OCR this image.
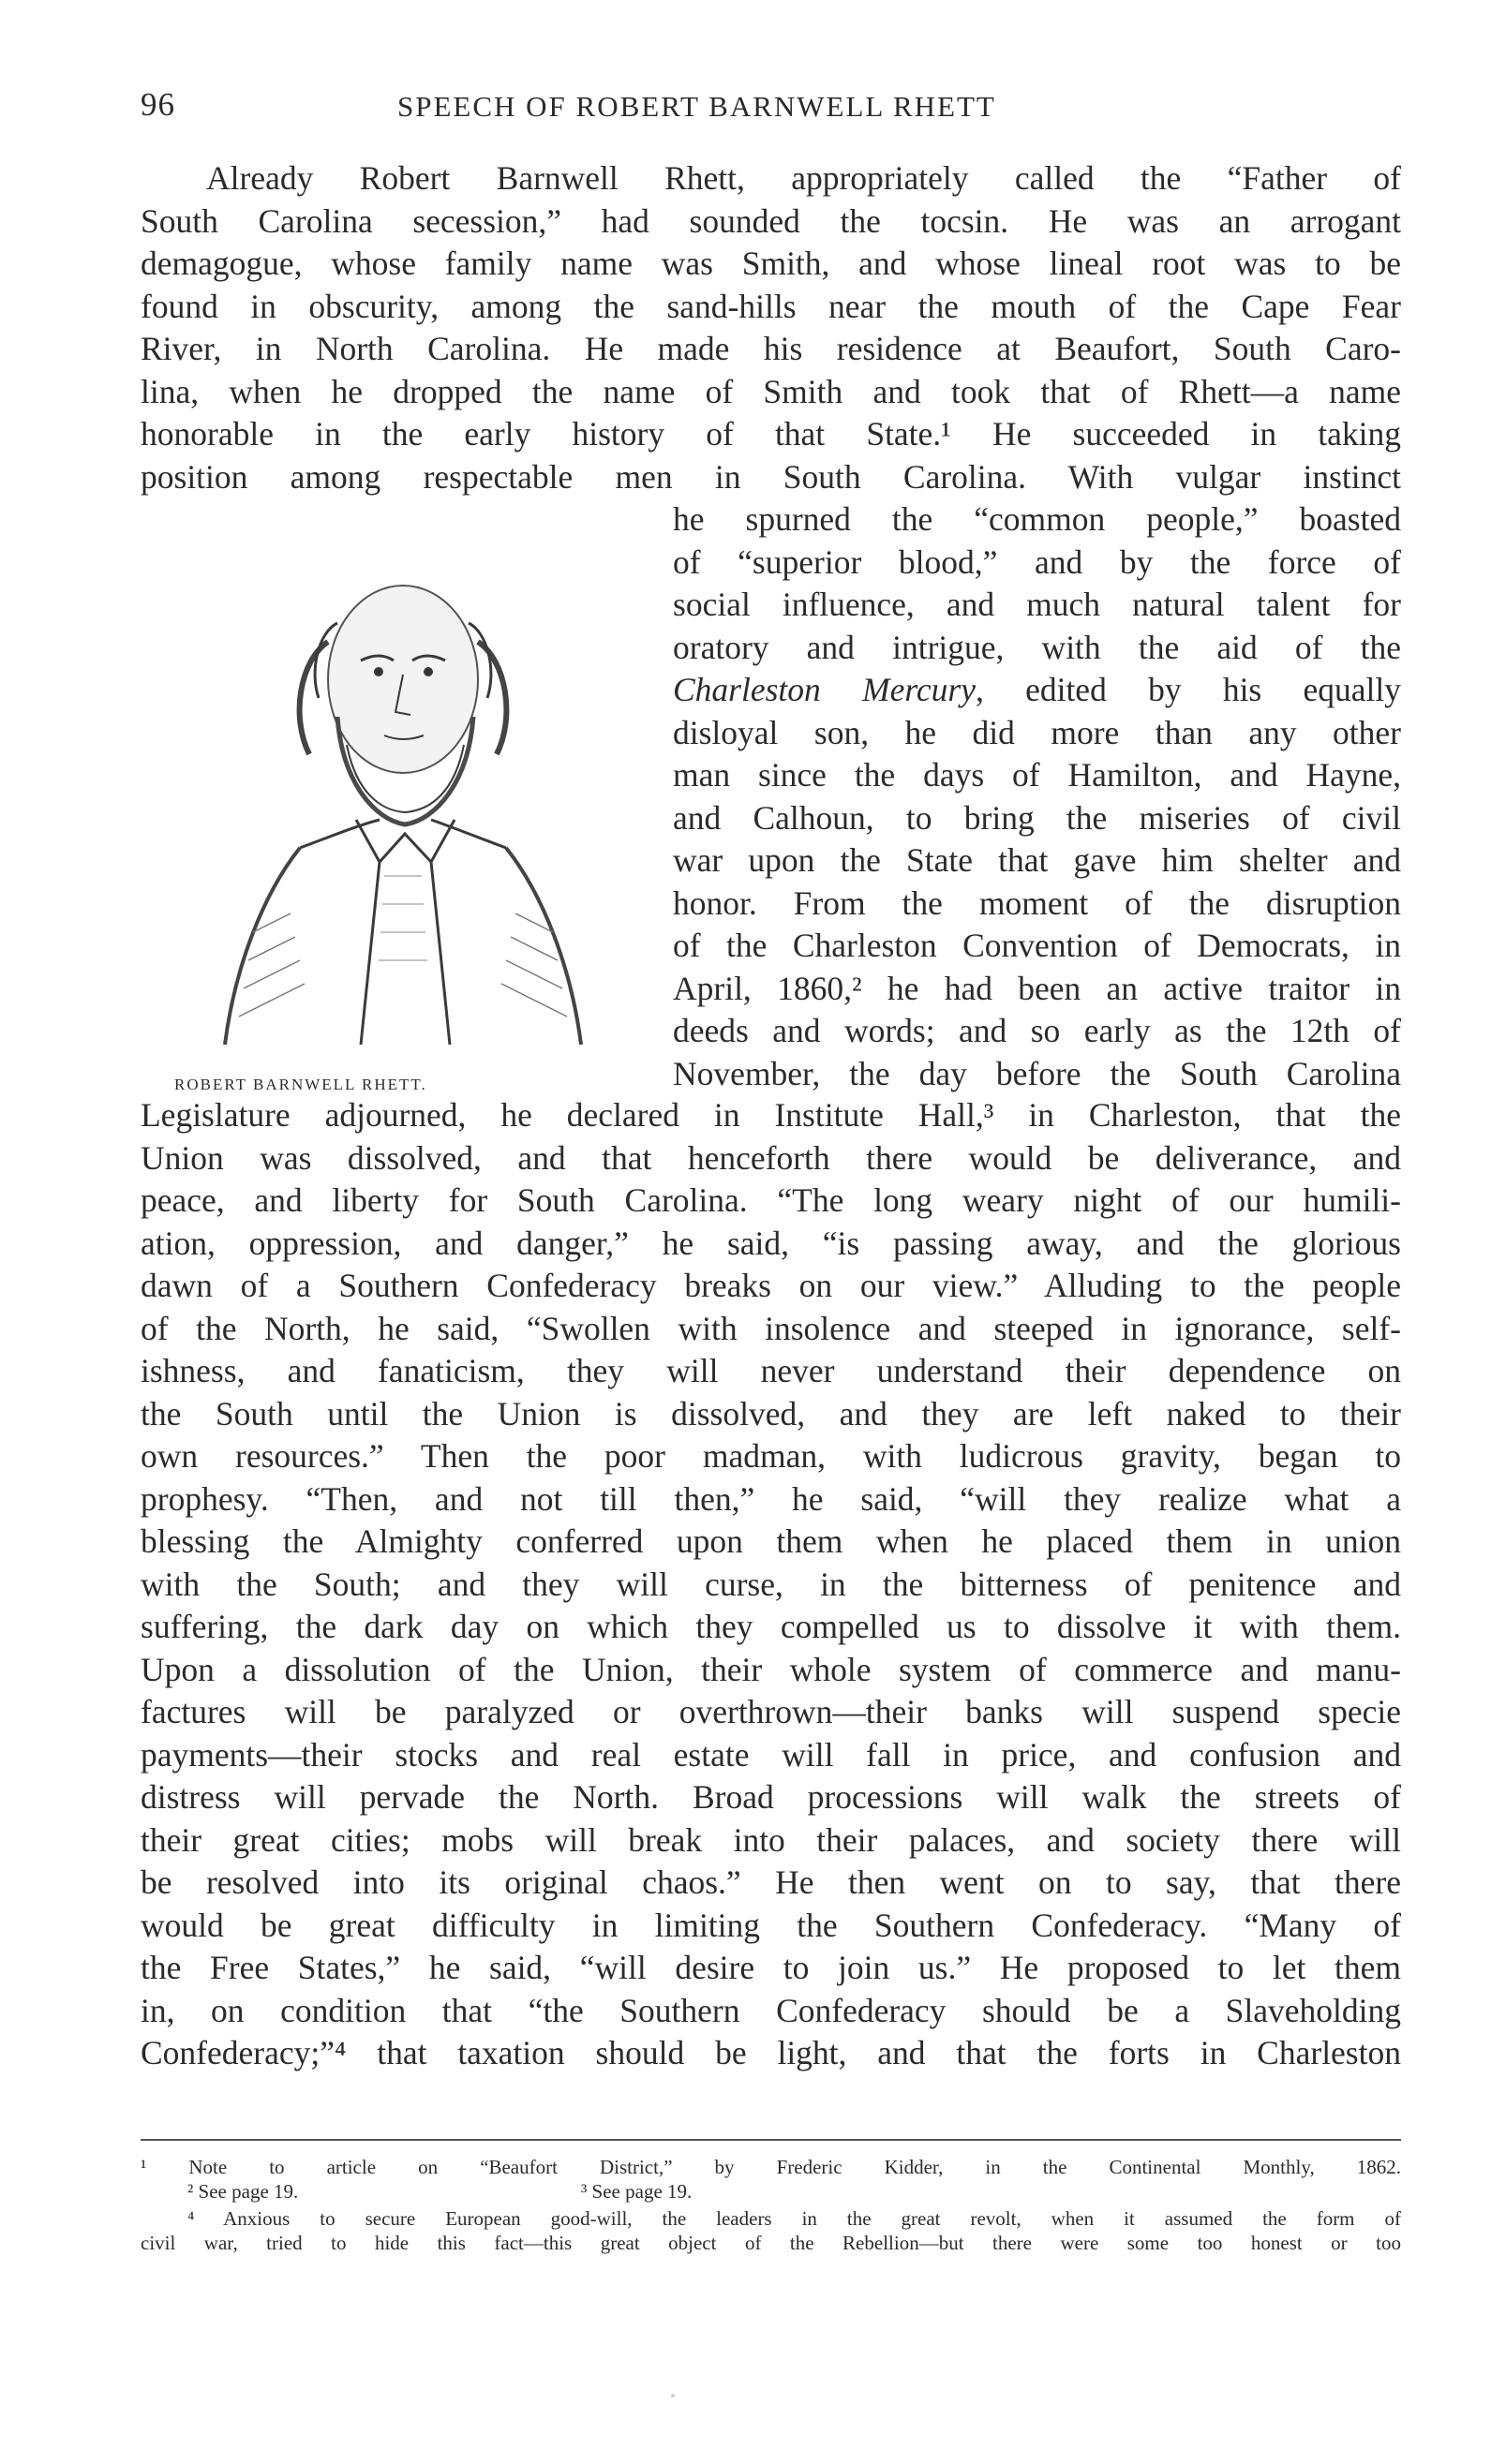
96	SPEECH OF ROBERT BARNWELL RHETT
Already Robert Barnwell Rhett, appropriately called the “Father of
South Carolina secession,” had sounded the tocsin. He was an arrogant
demagogue, whose family name was Smith, and whose lineal root was to be
found in obscurity, among the sand-hills near the mouth of the Cape Fear
River, in North Carolina. He made his residence at Beaufort, South Caro-
lina, when he dropped the name of Smith and took that of Rhett—a name
honorable in the early history of that State.¹ He succeeded in taking
position among respectable men in South Carolina. With vulgar instinct
ROBERT BARNWELL RHETT.
he spurned the “common people,” boasted
of “superior blood,” and by the force of
social influence, and much natural talent for
oratory and intrigue, with the aid of the
Charleston Mercury, edited by his equally
disloyal son, he did more than any other
man since the days of Hamilton, and Hayne,
and Calhoun, to bring the miseries of civil
war upon the State that gave him shelter and
honor. From the moment of the disruption
of the Charleston Convention of Democrats, in
April, 1860,² he had been an active traitor in
deeds and words; and so early as the 12th of
November, the day before the South Carolina
Legislature adjourned, he declared in Institute Hall,³ in Charleston, that the
Union was dissolved, and that henceforth there would be deliverance, and
peace, and liberty for South Carolina. “The long weary night of our humili-
ation, oppression, and danger,” he said, “is passing away, and the glorious
dawn of a Southern Confederacy breaks on our view.” Alluding to the people
of the North, he said, “Swollen with insolence and steeped in ignorance, self-
ishness, and fanaticism, they will never understand their dependence on
the South until the Union is dissolved, and they are left naked to their
own resources.” Then the poor madman, with ludicrous gravity, began to
prophesy. “Then, and not till then,” he said, “will they realize what a
blessing the Almighty conferred upon them when he placed them in union
with the South; and they will curse, in the bitterness of penitence and
suffering, the dark day on which they compelled us to dissolve it with them.
Upon a dissolution of the Union, their whole system of commerce and manu-
factures will be paralyzed or overthrown—their banks will suspend specie
payments—their stocks and real estate will fall in price, and confusion and
distress will pervade the North. Broad processions will walk the streets of
their great cities; mobs will break into their palaces, and society there will
be resolved into its original chaos.” He then went on to say, that there
would be great difficulty in limiting the Southern Confederacy. “Many of
the Free States,” he said, “will desire to join us.” He proposed to let them
in, on condition that “the Southern Confederacy should be a Slaveholding
Confederacy;”⁴ that taxation should be light, and that the forts in Charleston
¹ Note to article on “Beaufort District,” by Frederic Kidder, in the Continental Monthly, 1862.
² See page 19.	³ See page 19.
⁴ Anxious to secure European good-will, the leaders in the great revolt, when it assumed the form of
civil war, tried to hide this fact—this great object of the Rebellion—but there were some too honest or too
